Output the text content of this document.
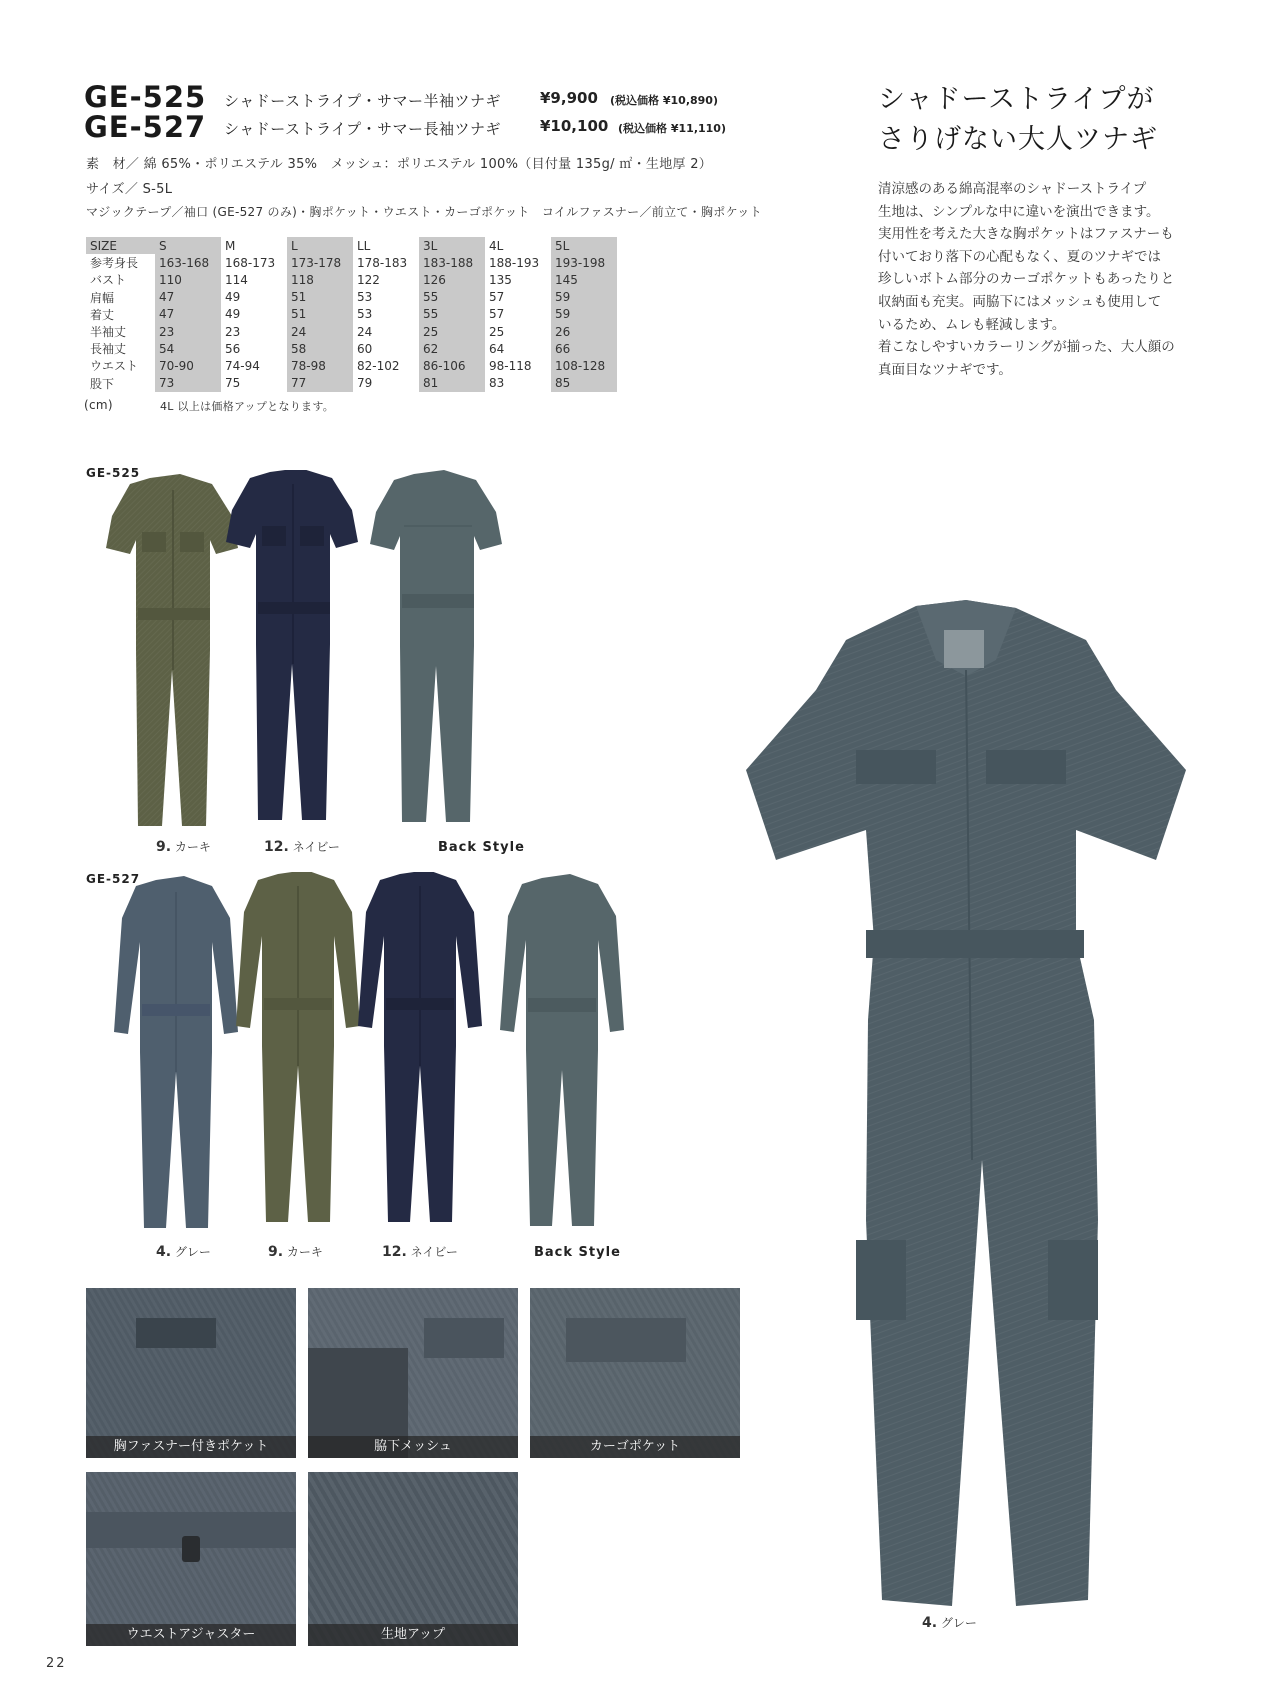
GE-525 シャドーストライプ・サマー半袖ツナギ	¥9,900 (税込価格 ¥10,890)
GE-527 シャドーストライプ・サマー長袖ツナギ	¥10,100 (税込価格 ¥11,110)
素　材／ 綿 65%・ポリエステル 35%　メッシュ：ポリエステル 100%（目付量 135g/ ㎡・生地厚 2）
サイズ／ S-5L
マジックテープ／袖口 (GE-527 のみ)・胸ポケット・ウエスト・カーゴポケット　コイルファスナー／前立て・胸ポケット
SIZE	S	M	L	LL	3L	4L	5L
参考身長	163-168	168-173	173-178	178-183	183-188	188-193	193-198
バスト	110	114	118	122	126	135	145
肩幅	47	49	51	53	55	57	59
着丈	47	49	51	53	55	57	59
半袖丈	23	23	24	24	25	25	26
長袖丈	54	56	58	60	62	64	66
ウエスト	70-90	74-94	78-98	82-102	86-106	98-118	108-128
股下	73	75	77	79	81	83	85
(cm)	4L 以上は価格アップとなります。
シャドーストライプが
さりげない大人ツナギ
清涼感のある綿高混率のシャドーストライプ
生地は、シンプルな中に違いを演出できます。
実用性を考えた大きな胸ポケットはファスナーも
付いており落下の心配もなく、夏のツナギでは
珍しいボトム部分のカーゴポケットもあったりと
収納面も充実。両脇下にはメッシュも使用して
いるため、ムレも軽減します。
着こなしやすいカラーリングが揃った、大人顔の
真面目なツナギです。
GE-525
9. カーキ	12. ネイビー	Back Style
GE-527
4. グレー	9. カーキ	12. ネイビー	Back Style
胸ファスナー付きポケット	脇下メッシュ	カーゴポケット
ウエストアジャスター	生地アップ
4. グレー
22
